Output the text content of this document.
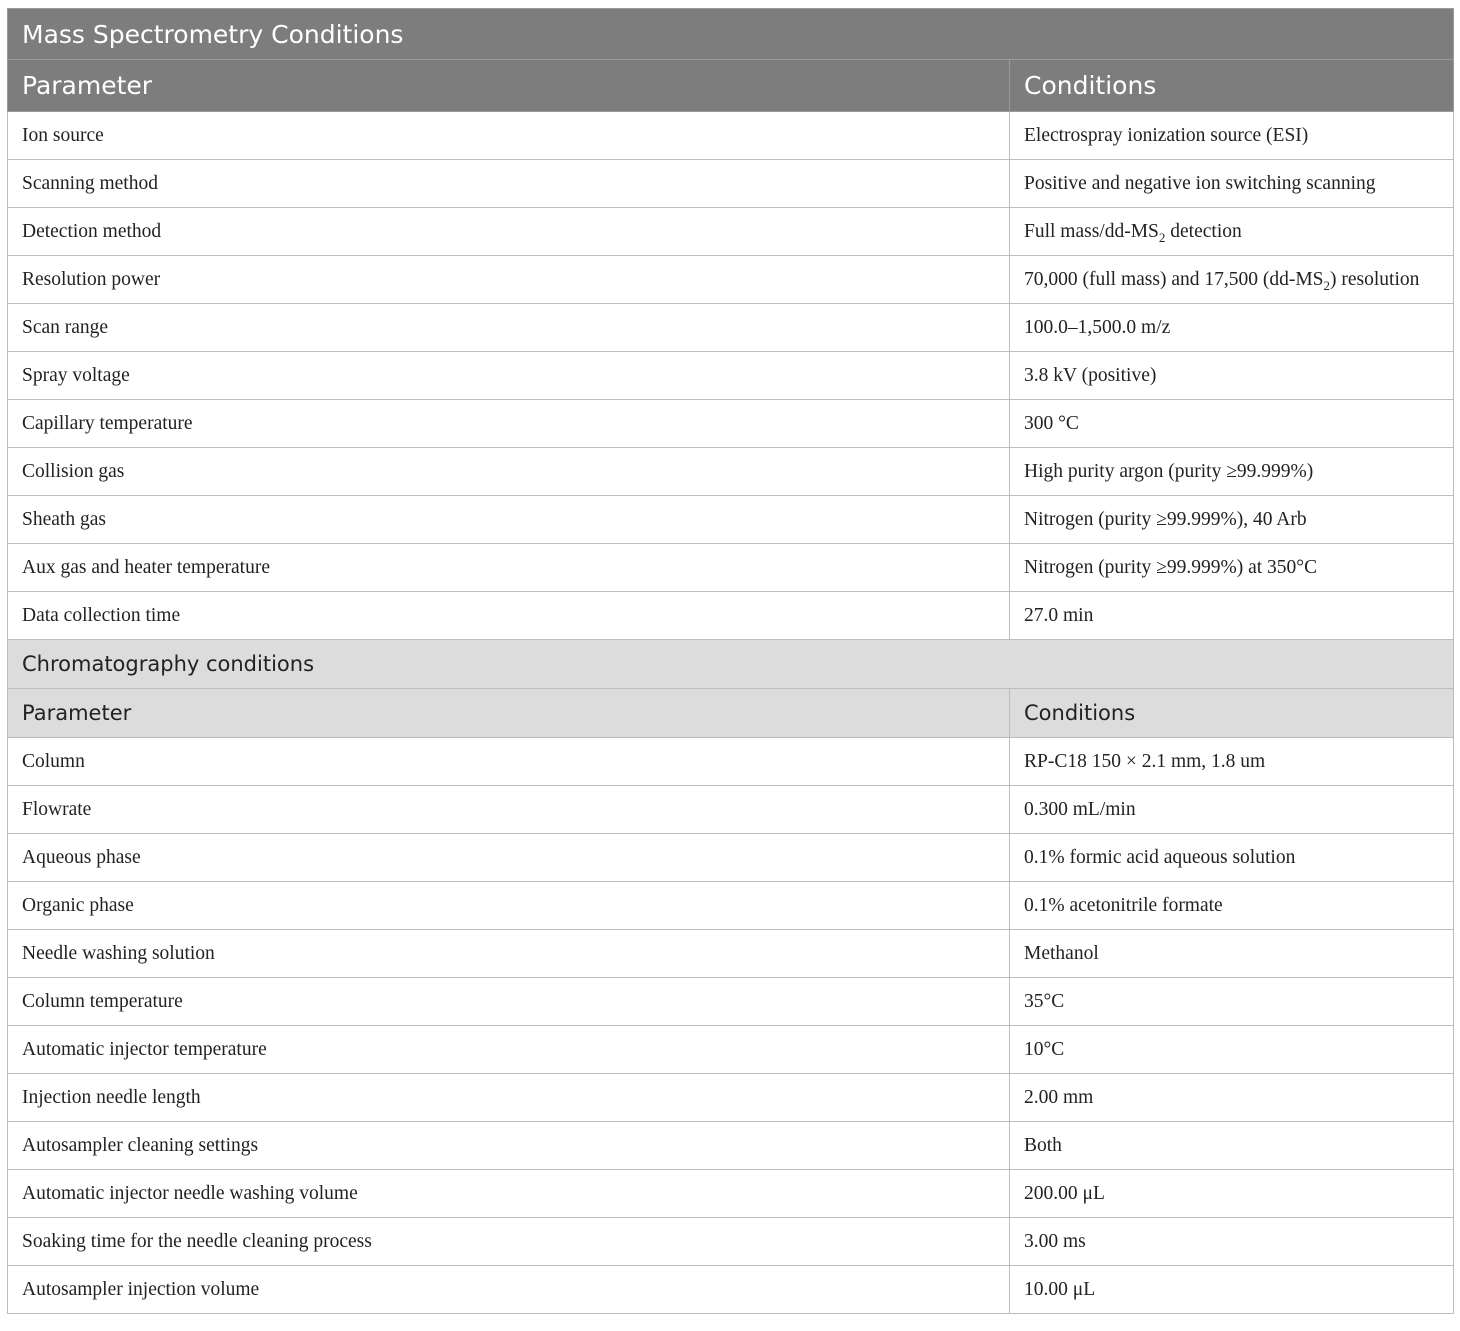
Mass Spectrometry Conditions	
Parameter	Conditions
Ion source	Electrospray ionization source (ESI)
Scanning method	Positive and negative ion switching scanning
Detection method	Full mass/$dd-MS_2$ detection
Resolution power	70,000 (full mass) and 17,500 $(dd-MS_2)$ resolution
Scan range	100.0–1,500.0 m/z
Spray voltage	3.8 kV (positive)
Capillary temperature	300 °C
Collision gas	High purity argon (purity ≥99.999%)
Sheath gas	Nitrogen (purity ≥99.999%), 40 Arb
Aux gas and heater temperature	Nitrogen (purity ≥99.999%) at 350°C
Data collection time	27.0 min
Chromatography conditions	
Parameter	Conditions
Column	RP-C18 150 × 2.1 mm, 1.8 um
Flowrate	0.300 mL/min
Aqueous phase	0.1% formic acid aqueous solution
Organic phase	0.1% acetonitrile formate
Needle washing solution	Methanol
Column temperature	35°C
Automatic injector temperature	10°C
Injection needle length	2.00 mm
Autosampler cleaning settings	Both
Automatic injector needle washing volume	200.00 μL
Soaking time for the needle cleaning process	3.00 ms
Autosampler injection volume	10.00 μL
